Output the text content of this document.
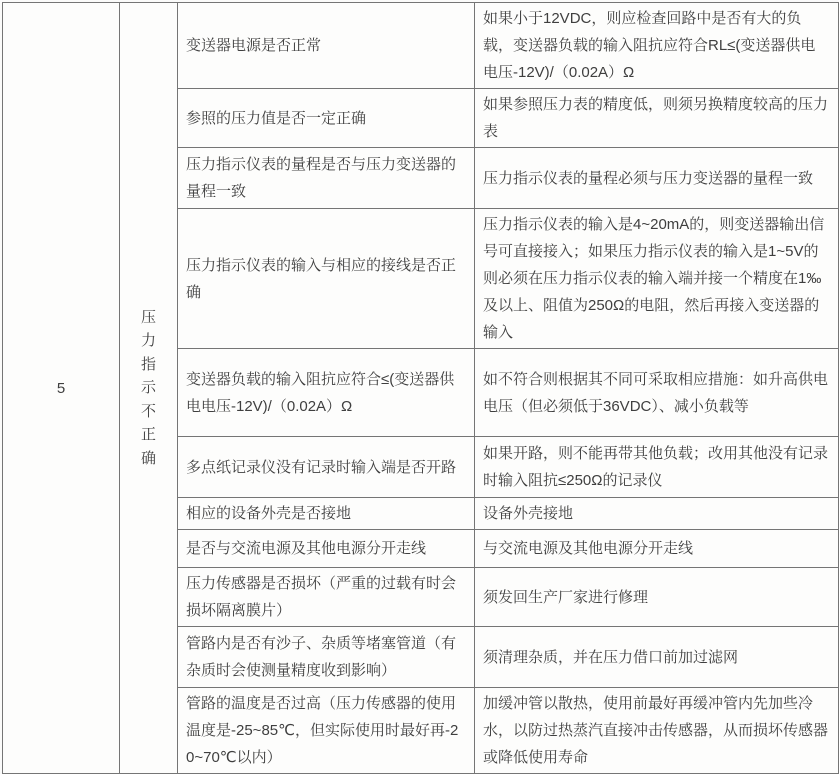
5	压力指示不正确	变送器电源是否正常	如果小于12VDC，则应检查回路中是否有大的负载，变送器负载的输入阻抗应符合RL≤(变送器供电电压-12V)/（0.02A）Ω
		参照的压力值是否一定正确	如果参照压力表的精度低，则须另换精度较高的压力表
		压力指示仪表的量程是否与压力变送器的量程一致	压力指示仪表的量程必须与压力变送器的量程一致
		压力指示仪表的输入与相应的接线是否正确	压力指示仪表的输入是4~20mA的，则变送器输出信号可直接接入；如果压力指示仪表的输入是1~5V的则必须在压力指示仪表的输入端并接一个精度在1‰及以上、阻值为250Ω的电阻，然后再接入变送器的输入
		变送器负载的输入阻抗应符合≤(变送器供电电压-12V)/（0.02A）Ω	如不符合则根据其不同可采取相应措施：如升高供电电压（但必须低于36VDC）、减小负载等
		多点纸记录仪没有记录时输入端是否开路	如果开路，则不能再带其他负载；改用其他没有记录时输入阻抗≤250Ω的记录仪
		相应的设备外壳是否接地	设备外壳接地
		是否与交流电源及其他电源分开走线	与交流电源及其他电源分开走线
		压力传感器是否损坏（严重的过载有时会损坏隔离膜片）	须发回生产厂家进行修理
		管路内是否有沙子、杂质等堵塞管道（有杂质时会使测量精度收到影响）	须清理杂质，并在压力借口前加过滤网
		管路的温度是否过高（压力传感器的使用温度是-25~85℃，但实际使用时最好再-20~70℃以内）	加缓冲管以散热，使用前最好再缓冲管内先加些冷水，以防过热蒸汽直接冲击传感器，从而损坏传感器或降低使用寿命
